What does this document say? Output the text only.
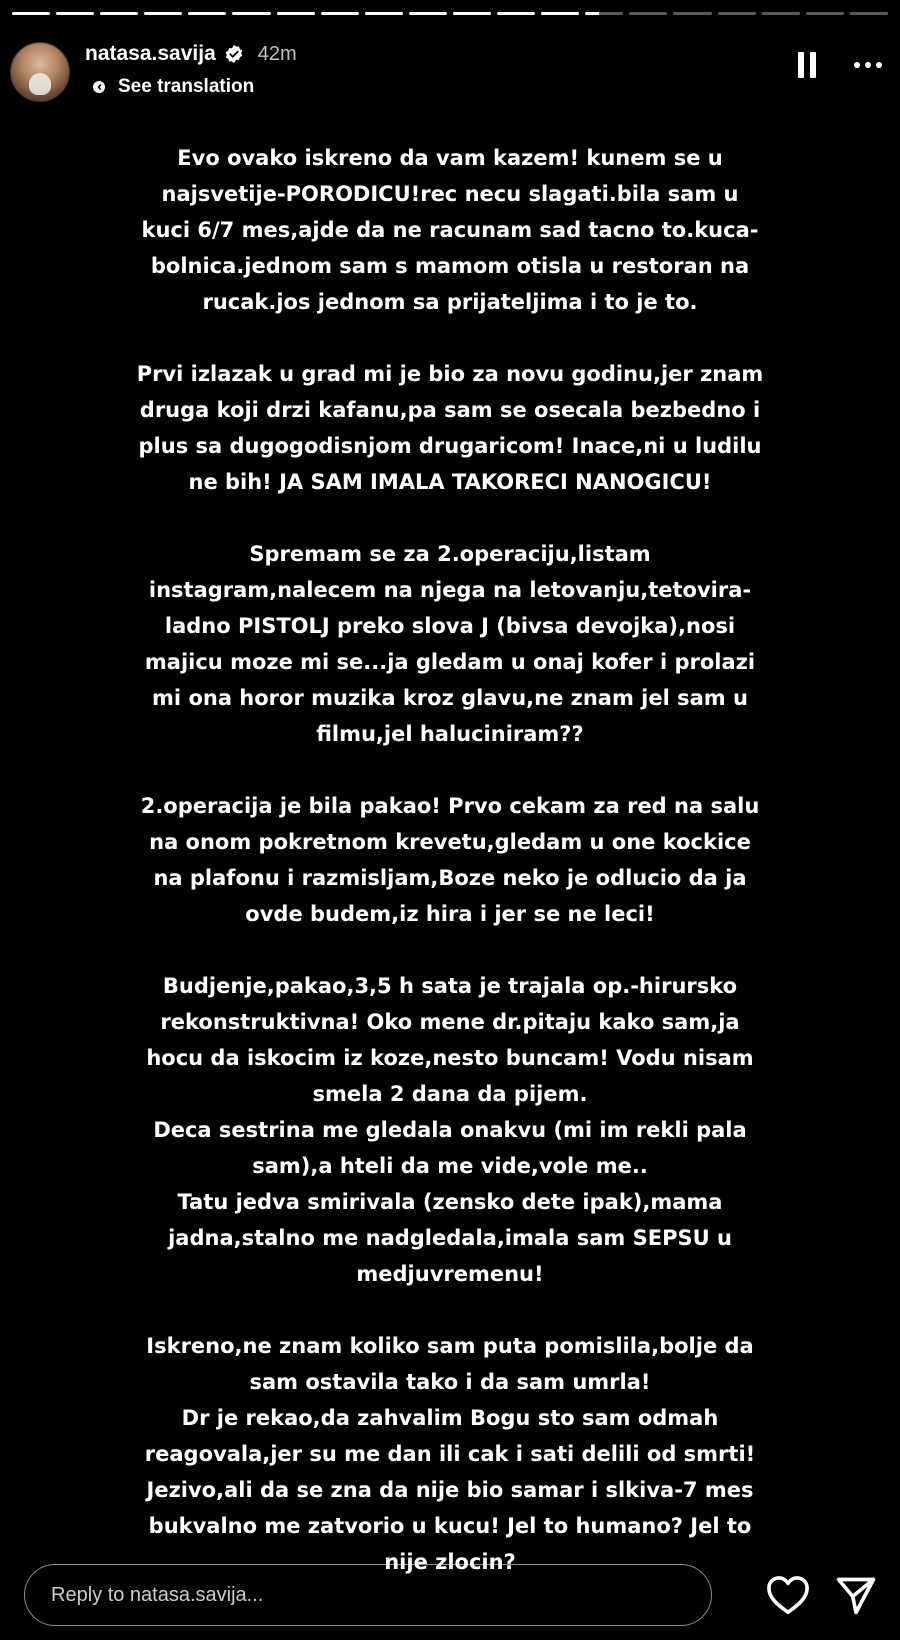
natasa.savija 42m
See translation

Evo ovako iskreno da vam kazem! kunem se u
najsvetije-PORODICU!rec necu slagati.bila sam u
kuci 6/7 mes,ajde da ne racunam sad tacno to.kuca-
bolnica.jednom sam s mamom otisla u restoran na
rucak.jos jednom sa prijateljima i to je to.

Prvi izlazak u grad mi je bio za novu godinu,jer znam
druga koji drzi kafanu,pa sam se osecala bezbedno i
plus sa dugogodisnjom drugaricom! Inace,ni u ludilu
ne bih! JA SAM IMALA TAKORECI NANOGICU!

Spremam se za 2.operaciju,listam
instagram,nalecem na njega na letovanju,tetovira-
ladno PISTOLJ preko slova J (bivsa devojka),nosi
majicu moze mi se...ja gledam u onaj kofer i prolazi
mi ona horor muzika kroz glavu,ne znam jel sam u
filmu,jel haluciniram??

2.operacija je bila pakao! Prvo cekam za red na salu
na onom pokretnom krevetu,gledam u one kockice
na plafonu i razmisljam,Boze neko je odlucio da ja
ovde budem,iz hira i jer se ne leci!

Budjenje,pakao,3,5 h sata je trajala op.-hirursko
rekonstruktivna! Oko mene dr.pitaju kako sam,ja
hocu da iskocim iz koze,nesto buncam! Vodu nisam
smela 2 dana da pijem.
Deca sestrina me gledala onakvu (mi im rekli pala
sam),a hteli da me vide,vole me..
Tatu jedva smirivala (zensko dete ipak),mama
jadna,stalno me nadgledala,imala sam SEPSU u
medjuvremenu!

Iskreno,ne znam koliko sam puta pomislila,bolje da
sam ostavila tako i da sam umrla!
Dr je rekao,da zahvalim Bogu sto sam odmah
reagovala,jer su me dan ili cak i sati delili od smrti!
Jezivo,ali da se zna da nije bio samar i slkiva-7 mes
bukvalno me zatvorio u kucu! Jel to humano? Jel to
nije zlocin?

Reply to natasa.savija...
